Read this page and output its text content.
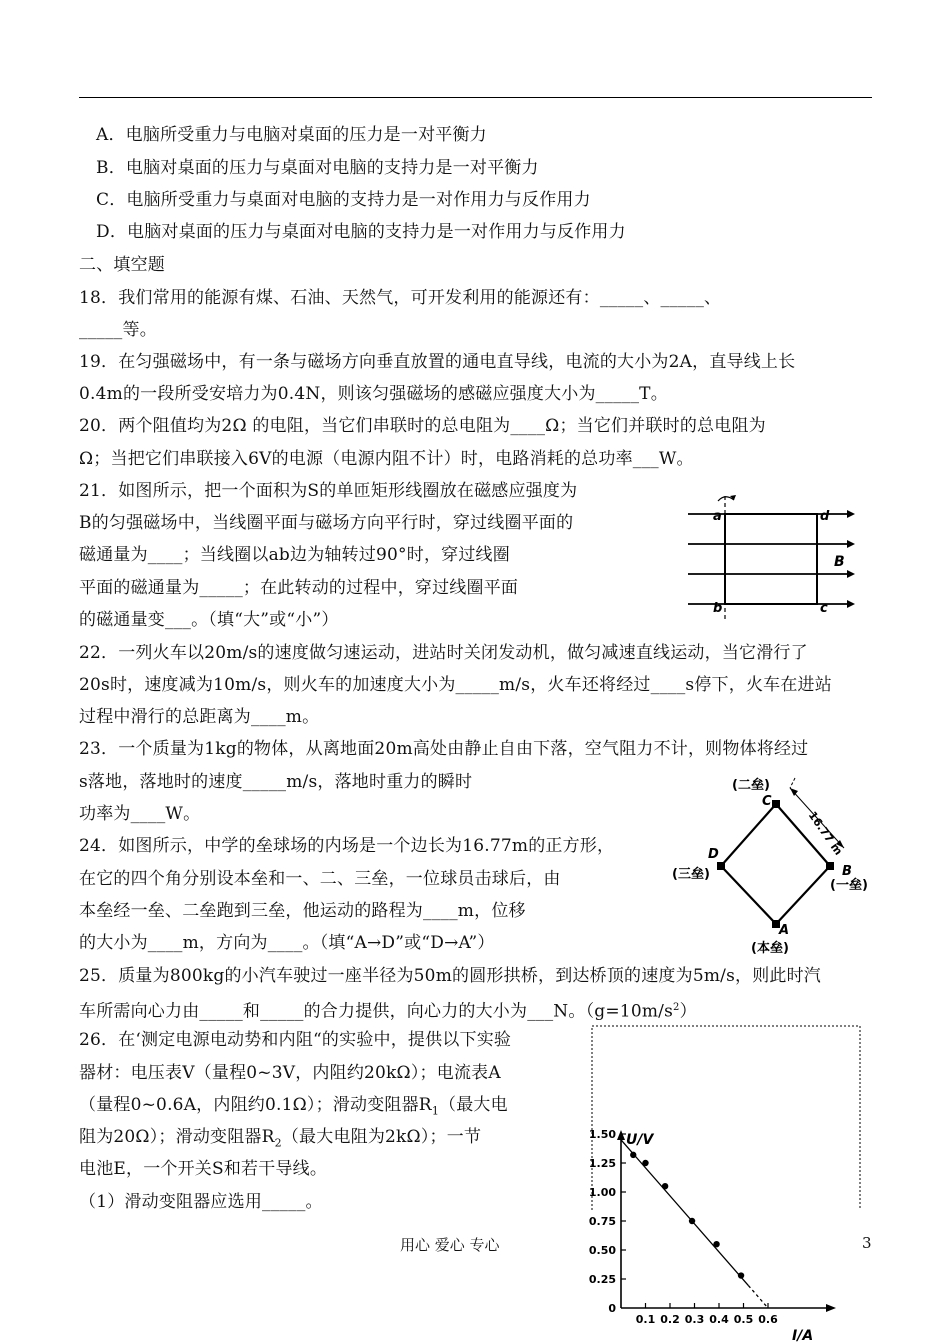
A．电脑所受重力与电脑对桌面的压力是一对平衡力
B．电脑对桌面的压力与桌面对电脑的支持力是一对平衡力
C．电脑所受重力与桌面对电脑的支持力是一对作用力与反作用力
D．电脑对桌面的压力与桌面对电脑的支持力是一对作用力与反作用力
二、填空题
18．我们常用的能源有煤、石油、天然气，可开发利用的能源还有：_____、_____、
_____等。
19．在匀强磁场中，有一条与磁场方向垂直放置的通电直导线，电流的大小为2A，直导线上长
0.4m的一段所受安培力为0.4N，则该匀强磁场的感磁应强度大小为_____T。
20．两个阻值均为2Ω 的电阻，当它们串联时的总电阻为____Ω；当它们并联时的总电阻为
Ω；当把它们串联接入6V的电源（电源内阻不计）时，电路消耗的总功率___W。
21．如图所示，把一个面积为S的单匝矩形线圈放在磁感应强度为
B的匀强磁场中，当线圈平面与磁场方向平行时，穿过线圈平面的
磁通量为____；当线圈以ab边为轴转过90°时，穿过线圈
平面的磁通量为_____；在此转动的过程中，穿过线圈平面
的磁通量变___。（填“大”或“小”）
a
b	c
d
B
22．一列火车以20m/s的速度做匀速运动，进站时关闭发动机，做匀减速直线运动，当它滑行了
20s时，速度减为10m/s，则火车的加速度大小为_____m/s，火车还将经过____s停下，火车在进站
过程中滑行的总距离为____m。
23．一个质量为1kg的物体，从离地面20m高处由静止自由下落，空气阻力不计，则物体将经过
s落地，落地时的速度_____m/s，落地时重力的瞬时
功率为____W。
24．如图所示，中学的垒球场的内场是一个边长为16.77m的正方形，
在它的四个角分别设本垒和一、二、三垒，一位球员击球后，由
本垒经一垒、二垒跑到三垒，他运动的路程为____m，位移
的大小为____m，方向为____。（填“A→D”或“D→A”）
16.77 m
(二垒)
C
B
(一垒)
D
(三垒)
A
(本垒)
25．质量为800kg的小汽车驶过一座半径为50m的圆形拱桥，到达桥顶的速度为5m/s，则此时汽
车所需向心力由_____和_____的合力提供，向心力的大小为___N。$(g=10m/s^2)$
26．在‘测定电源电动势和内阻“的实验中，提供以下实验
器材：电压表V（量程0~3V，内阻约20kΩ）；电流表A
（量程0~0.6A，内阻约0.1Ω）；滑动变阻器$R_1$（最大电
阻为20Ω）；滑动变阻器$R_2$（最大电阻为2kΩ）；一节
电池E，一个开关S和若干导线。
（1）滑动变阻器应选用_____。
U/V
I/A
0
0.25
0.50
0.75
1.00
1.25
1.50
0.1 0.2 0.3 0.4 0.5 0.6
用心 爱心 专心	3
